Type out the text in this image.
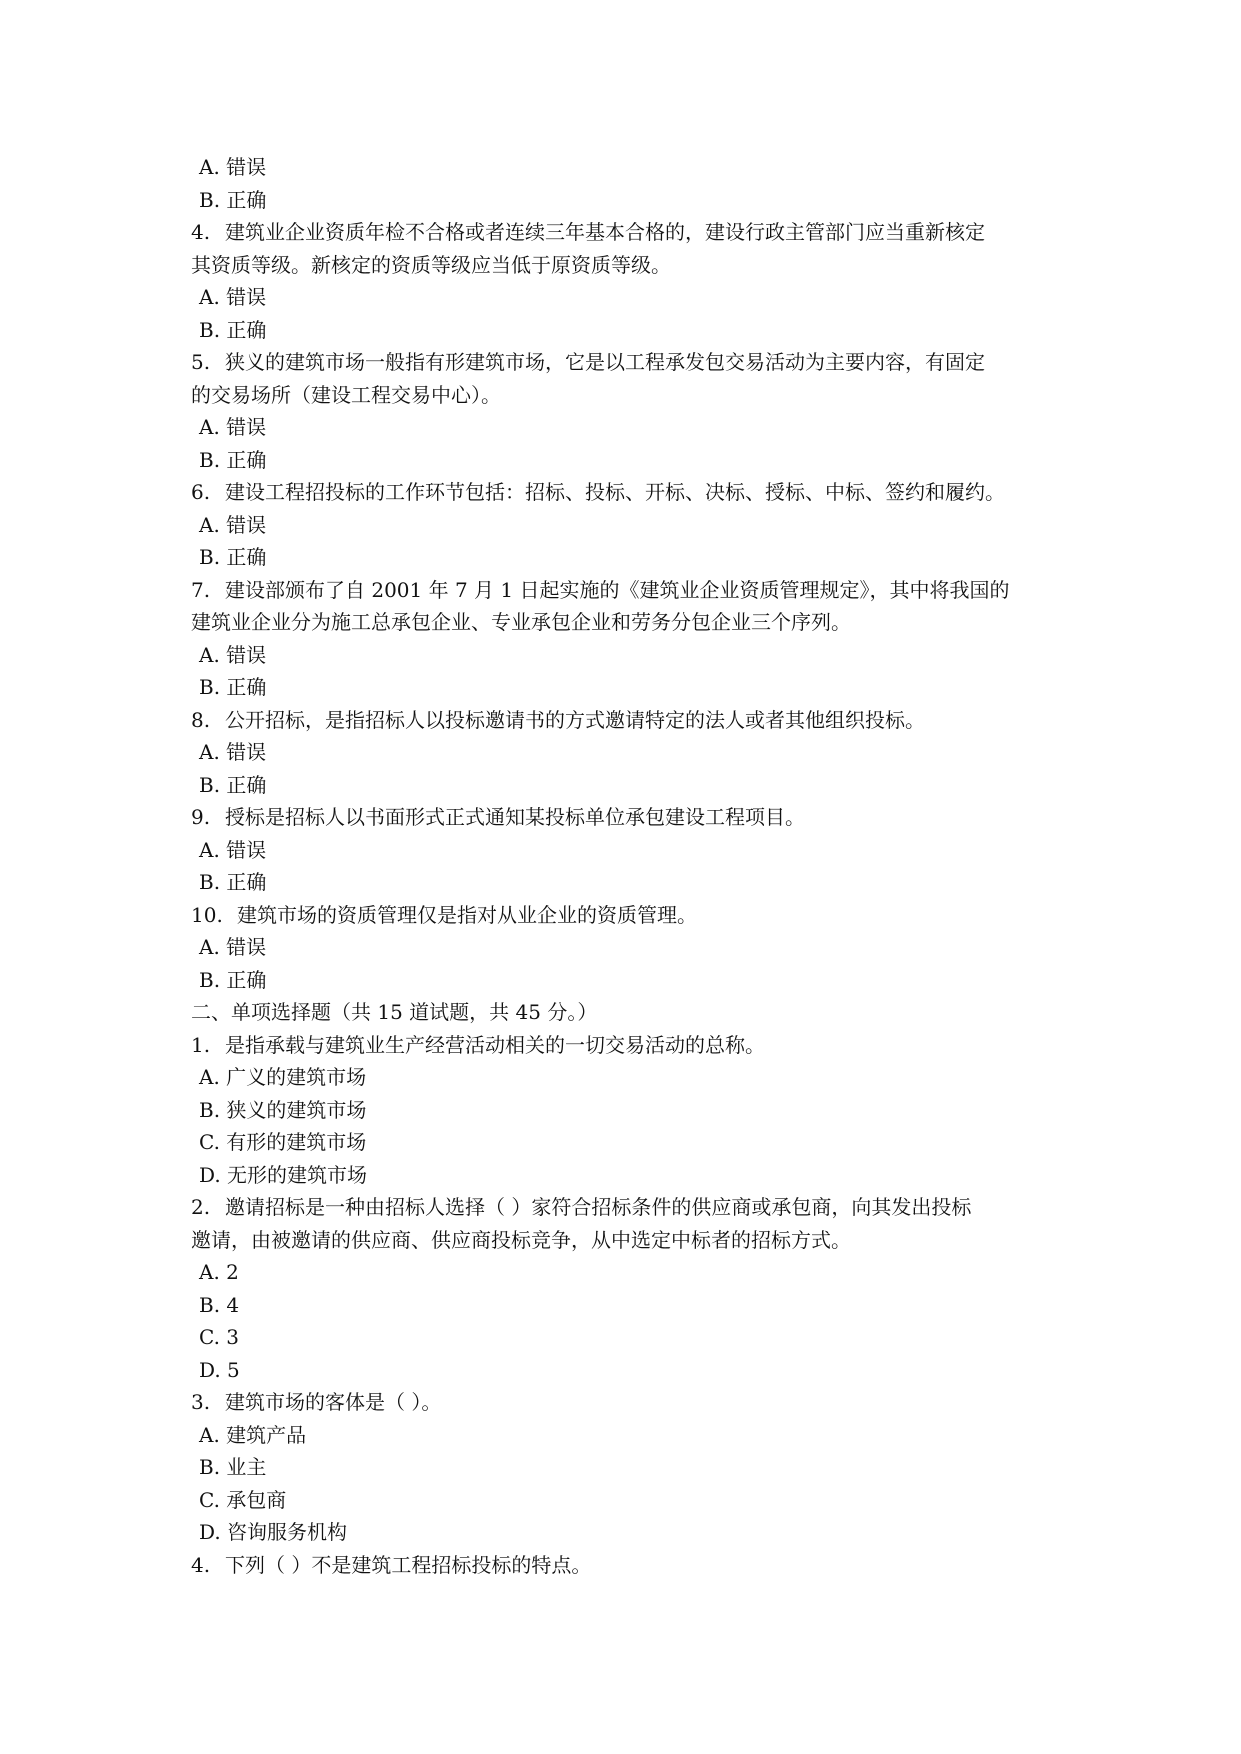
A. 错误
B. 正确
4. 建筑业企业资质年检不合格或者连续三年基本合格的，建设行政主管部门应当重新核定
其资质等级。新核定的资质等级应当低于原资质等级。
A. 错误
B. 正确
5. 狭义的建筑市场一般指有形建筑市场，它是以工程承发包交易活动为主要内容，有固定
的交易场所（建设工程交易中心）。
A. 错误
B. 正确
6. 建设工程招投标的工作环节包括：招标、投标、开标、决标、授标、中标、签约和履约。
A. 错误
B. 正确
7. 建设部颁布了自 2001 年 7 月 1 日起实施的《建筑业企业资质管理规定》，其中将我国的
建筑业企业分为施工总承包企业、专业承包企业和劳务分包企业三个序列。
A. 错误
B. 正确
8. 公开招标，是指招标人以投标邀请书的方式邀请特定的法人或者其他组织投标。
A. 错误
B. 正确
9. 授标是招标人以书面形式正式通知某投标单位承包建设工程项目。
A. 错误
B. 正确
10. 建筑市场的资质管理仅是指对从业企业的资质管理。
A. 错误
B. 正确
二、单项选择题（共 15 道试题，共 45 分。）
1. 是指承载与建筑业生产经营活动相关的一切交易活动的总称。
A. 广义的建筑市场
B. 狭义的建筑市场
C. 有形的建筑市场
D. 无形的建筑市场
2. 邀请招标是一种由招标人选择（ ）家符合招标条件的供应商或承包商，向其发出投标
邀请，由被邀请的供应商、供应商投标竞争，从中选定中标者的招标方式。
A. 2
B. 4
C. 3
D. 5
3. 建筑市场的客体是（ ）。
A. 建筑产品
B. 业主
C. 承包商
D. 咨询服务机构
4. 下列（ ）不是建筑工程招标投标的特点。
